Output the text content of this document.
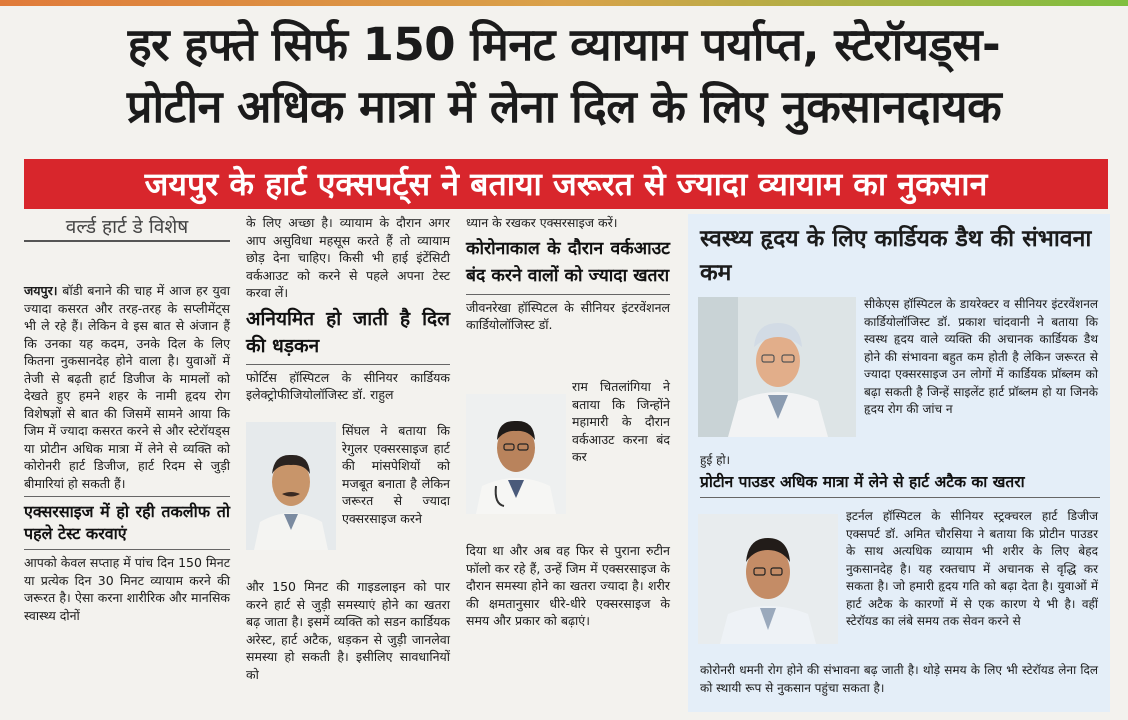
हर हफ्ते सिर्फ 150 मिनट व्यायाम पर्याप्त, स्टेरॉयड्स-
प्रोटीन अधिक मात्रा में लेना दिल के लिए नुकसानदायक
जयपुर के हार्ट एक्सपर्ट्स ने बताया जरूरत से ज्यादा व्यायाम का नुकसान
वर्ल्ड हार्ट डे विशेष
जयपुर। बॉडी बनाने की चाह में आज हर युवा ज्यादा कसरत और तरह-तरह के सप्लीमेंट्स भी ले रहे हैं। लेकिन वे इस बात से अंजान हैं कि उनका यह कदम, उनके दिल के लिए कितना नुकसानदेह होने वाला है। युवाओं में तेजी से बढ़ती हार्ट डिजीज के मामलों को देखते हुए हमने शहर के नामी हृदय रोग विशेषज्ञों से बात की जिसमें सामने आया कि जिम में ज्यादा कसरत करने से और स्टेरॉयड्स या प्रोटीन अधिक मात्रा में लेने से व्यक्ति को कोरोनरी हार्ट डिजीज, हार्ट रिदम से जुड़ी बीमारियां हो सकती हैं।
एक्सरसाइज में हो रही तकलीफ तो पहले टेस्ट करवाएं
आपको केवल सप्ताह में पांच दिन 150 मिनट या प्रत्येक दिन 30 मिनट व्यायाम करने की जरूरत है। ऐसा करना शारीरिक और मानसिक स्वास्थ्य दोनों
के लिए अच्छा है। व्यायाम के दौरान अगर आप असुविधा महसूस करते हैं तो व्यायाम छोड़ देना चाहिए। किसी भी हाई इंटेंसिटी वर्कआउट को करने से पहले अपना टेस्ट करवा लें।
अनियमित हो जाती है दिल की धड़कन
फोर्टिस हॉस्पिटल के सीनियर कार्डियक इलेक्ट्रोफीजियोलॉजिस्ट डॉ. राहुल
सिंघल ने बताया कि रेगुलर एक्सरसाइज हार्ट की मांसपेशियों को मजबूत बनाता है लेकिन जरूरत से ज्यादा एक्सरसाइज करने
और 150 मिनट की गाइडलाइन को पार करने हार्ट से जुड़ी समस्याएं होने का खतरा बढ़ जाता है। इसमें व्यक्ति को सडन कार्डियक अरेस्ट, हार्ट अटैक, धड़कन से जुड़ी जानलेवा समस्या हो सकती है। इसीलिए सावधानियों को
ध्यान के रखकर एक्सरसाइज करें।
कोरोनाकाल के दौरान वर्कआउट बंद करने वालों को ज्यादा खतरा
जीवनरेखा हॉस्पिटल के सीनियर इंटरवेंशनल कार्डियोलॉजिस्ट डॉ.
राम चितलांगिया ने बताया कि जिन्होंने महामारी के दौरान वर्कआउट करना बंद कर
दिया था और अब वह फिर से पुराना रुटीन फॉलो कर रहे हैं, उन्हें जिम में एक्सरसाइज के दौरान समस्या होने का खतरा ज्यादा है। शरीर की क्षमतानुसार धीरे-धीरे एक्सरसाइज के समय और प्रकार को बढ़ाएं।
स्वस्थ्य हृदय के लिए कार्डियक डैथ की संभावना कम
सीकेएस हॉस्पिटल के डायरेक्टर व सीनियर इंटरवेंशनल कार्डियोलॉजिस्ट डॉ. प्रकाश चांदवानी ने बताया कि स्वस्थ हृदय वाले व्यक्ति की अचानक कार्डियक डैथ होने की संभावना बहुत कम होती है लेकिन जरूरत से ज्यादा एक्सरसाइज उन लोगों में कार्डियक प्रॉब्लम को बढ़ा सकती है जिन्हें साइलेंट हार्ट प्रॉब्लम हो या जिनके हृदय रोग की जांच न
हुई हो।
प्रोटीन पाउडर अधिक मात्रा में लेने से हार्ट अटैक का खतरा
इटर्नल हॉस्पिटल के सीनियर स्ट्रक्चरल हार्ट डिजीज एक्सपर्ट डॉ. अमित चौरसिया ने बताया कि प्रोटीन पाउडर के साथ अत्यधिक व्यायाम भी शरीर के लिए बेहद नुकसानदेह है। यह रक्तचाप में अचानक से वृद्धि कर सकता है। जो हमारी हृदय गति को बढ़ा देता है। युवाओं में हार्ट अटैक के कारणों में से एक कारण ये भी है। वहीं स्टेरॉयड का लंबे समय तक सेवन करने से
कोरोनरी धमनी रोग होने की संभावना बढ़ जाती है। थोड़े समय के लिए भी स्टेरॉयड लेना दिल को स्थायी रूप से नुकसान पहुंचा सकता है।
